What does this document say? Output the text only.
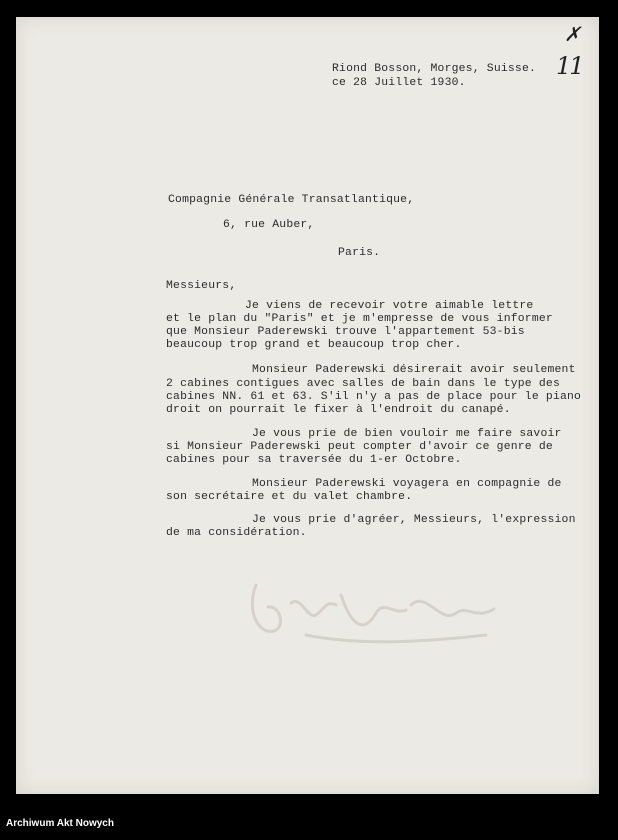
✗
11
Riond Bosson, Morges, Suisse.
ce 28 Juillet 1930.
Compagnie Générale Transatlantique,
6, rue Auber,
Paris.
Messieurs,
Je viens de recevoir votre aimable lettre
et le plan du "Paris" et je m'empresse de vous informer
que Monsieur Paderewski trouve l'appartement 53-bis
beaucoup trop grand et beaucoup trop cher.
Monsieur Paderewski désirerait avoir seulement
2 cabines contigues avec salles de bain dans le type des
cabines NN. 61 et 63. S'il n'y a pas de place pour le piano
droit on pourrait le fixer à l'endroit du canapé.
Je vous prie de bien vouloir me faire savoir
si Monsieur Paderewski peut compter d'avoir ce genre de
cabines pour sa traversée du 1-er Octobre.
Monsieur Paderewski voyagera en compagnie de
son secrétaire et du valet chambre.
Je vous prie d'agréer, Messieurs, l'expression
de ma considération.
Archiwum Akt Nowych
